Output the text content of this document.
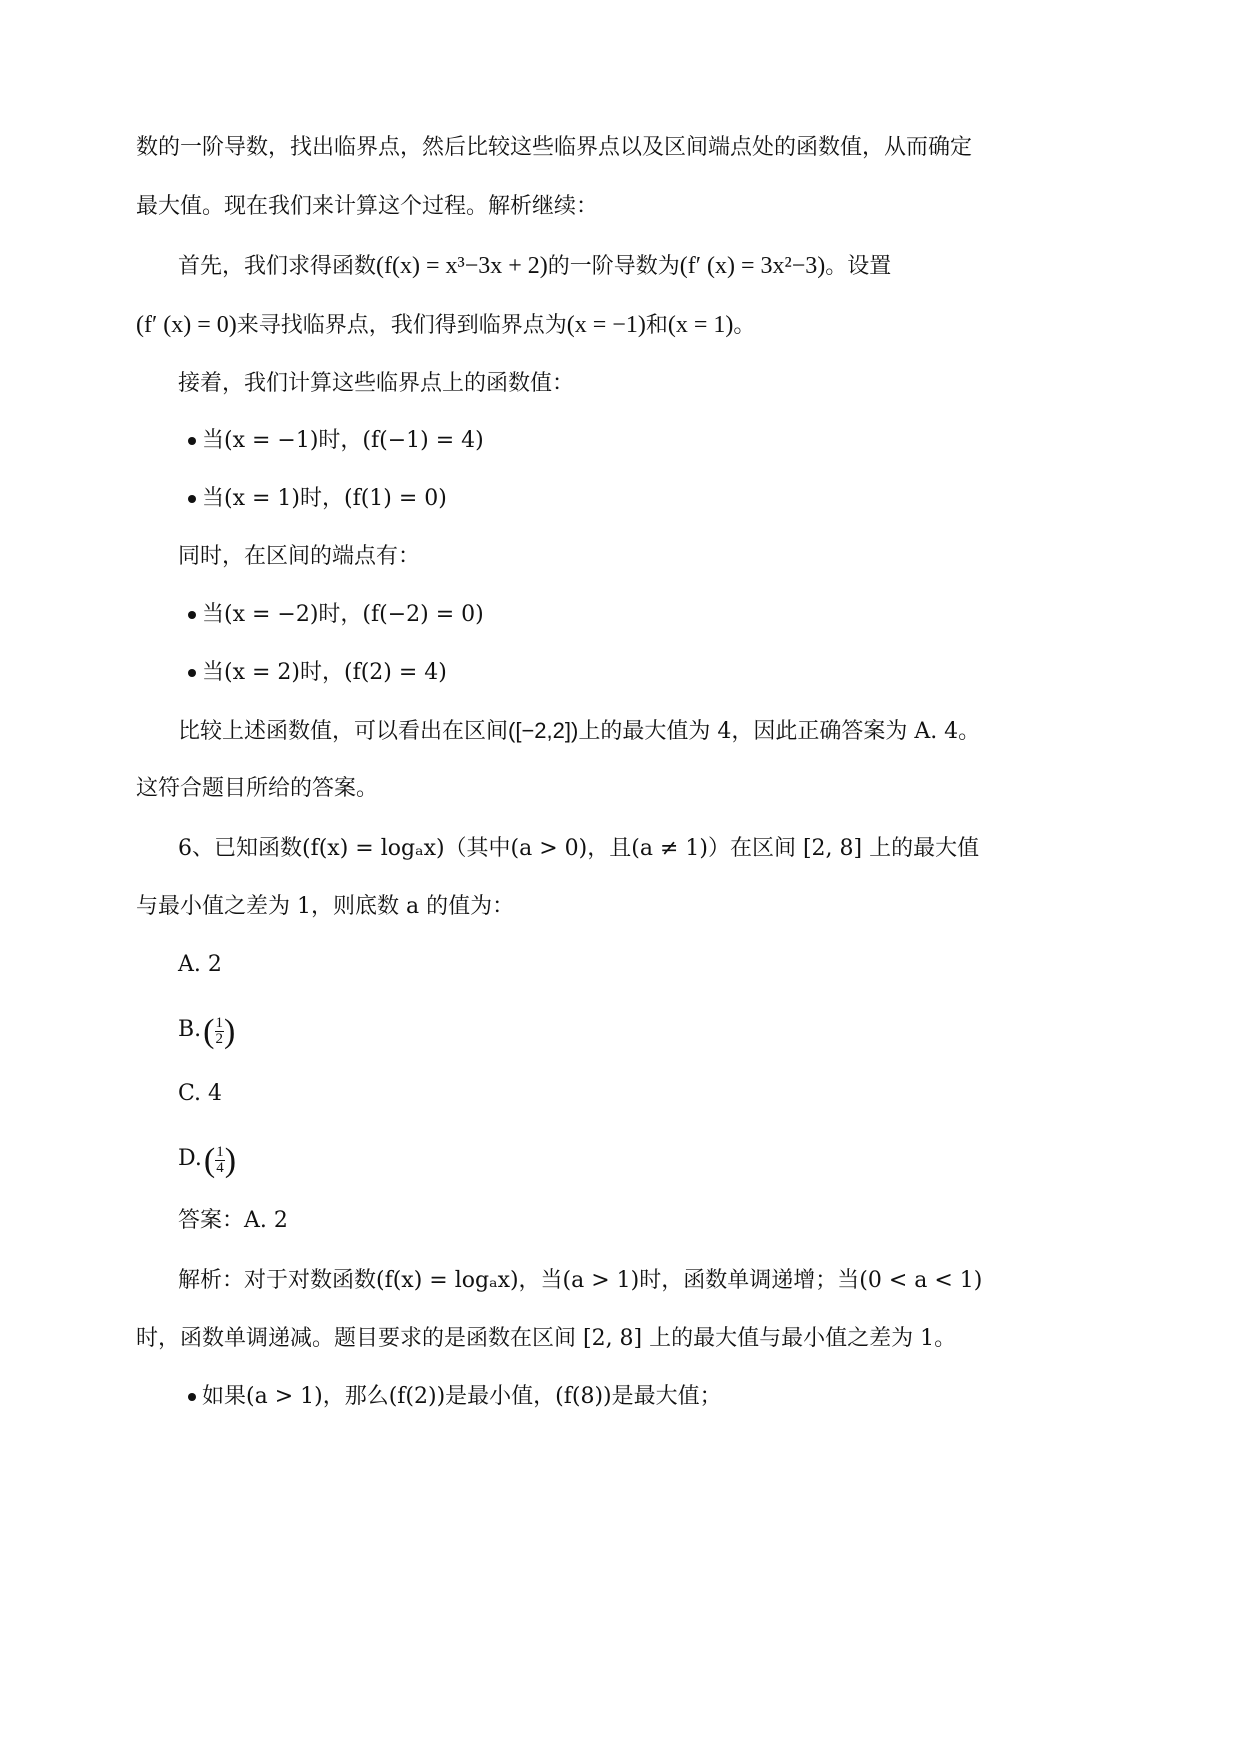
数的一阶导数，找出临界点，然后比较这些临界点以及区间端点处的函数值，从而确定
最大值。现在我们来计算这个过程。解析继续：
首先，我们求得函数(f(x) = x³−3x + 2)的一阶导数为(f′ (x) = 3x²−3)。设置
(f′ (x) = 0)来寻找临界点，我们得到临界点为(x = −1)和(x = 1)。
接着，我们计算这些临界点上的函数值：
当(x = −1)时，(f(−1) = 4)
当(x = 1)时，(f(1) = 0)
同时，在区间的端点有：
当(x = −2)时，(f(−2) = 0)
当(x = 2)时，(f(2) = 4)
比较上述函数值，可以看出在区间([−2,2])上的最大值为 4，因此正确答案为 A. 4。
这符合题目所给的答案。
6、已知函数(f(x) = logₐx)（其中(a > 0)，且(a ≠ 1)）在区间 [2, 8] 上的最大值
与最小值之差为 1，则底数 a 的值为：
A. 2
$B.( \frac{1}{2}$ )
C. 4
$D.( \frac{1}{4}$ )
答案：A. 2
解析：对于对数函数(f(x) = logₐx)，当(a > 1)时，函数单调递增；当(0 < a < 1)
时，函数单调递减。题目要求的是函数在区间 [2, 8] 上的最大值与最小值之差为 1。
如果(a > 1)，那么(f(2))是最小值，(f(8))是最大值；
